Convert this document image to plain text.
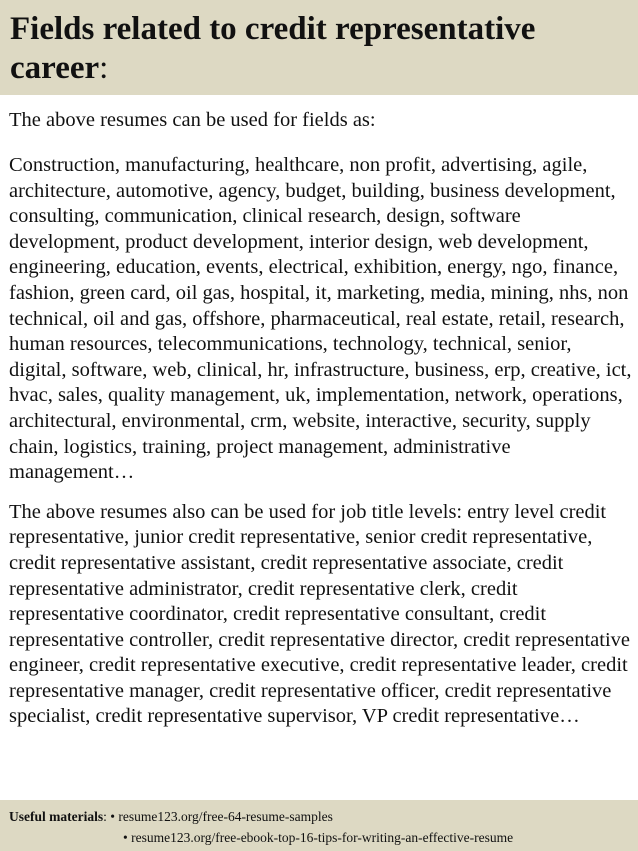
Fields related to credit representative career:

The above resumes can be used for fields as:

Construction, manufacturing, healthcare, non profit, advertising, agile, architecture, automotive, agency, budget, building, business development, consulting, communication, clinical research, design, software development, product development, interior design, web development, engineering, education, events, electrical, exhibition, energy, ngo, finance, fashion, green card, oil gas, hospital, it, marketing, media, mining, nhs, non technical, oil and gas, offshore, pharmaceutical, real estate, retail, research, human resources, telecommunications, technology, technical, senior, digital, software, web, clinical, hr, infrastructure, business, erp, creative, ict, hvac, sales, quality management, uk, implementation, network, operations, architectural, environmental, crm, website, interactive, security, supply chain, logistics, training, project management, administrative management…

The above resumes also can be used for job title levels: entry level credit representative, junior credit representative, senior credit representative, credit representative assistant, credit representative associate, credit representative administrator, credit representative clerk, credit representative coordinator, credit representative consultant, credit representative controller, credit representative director, credit representative engineer, credit representative executive, credit representative leader, credit representative manager, credit representative officer, credit representative specialist, credit representative supervisor, VP credit representative…

Useful materials: • resume123.org/free-64-resume-samples
• resume123.org/free-ebook-top-16-tips-for-writing-an-effective-resume
